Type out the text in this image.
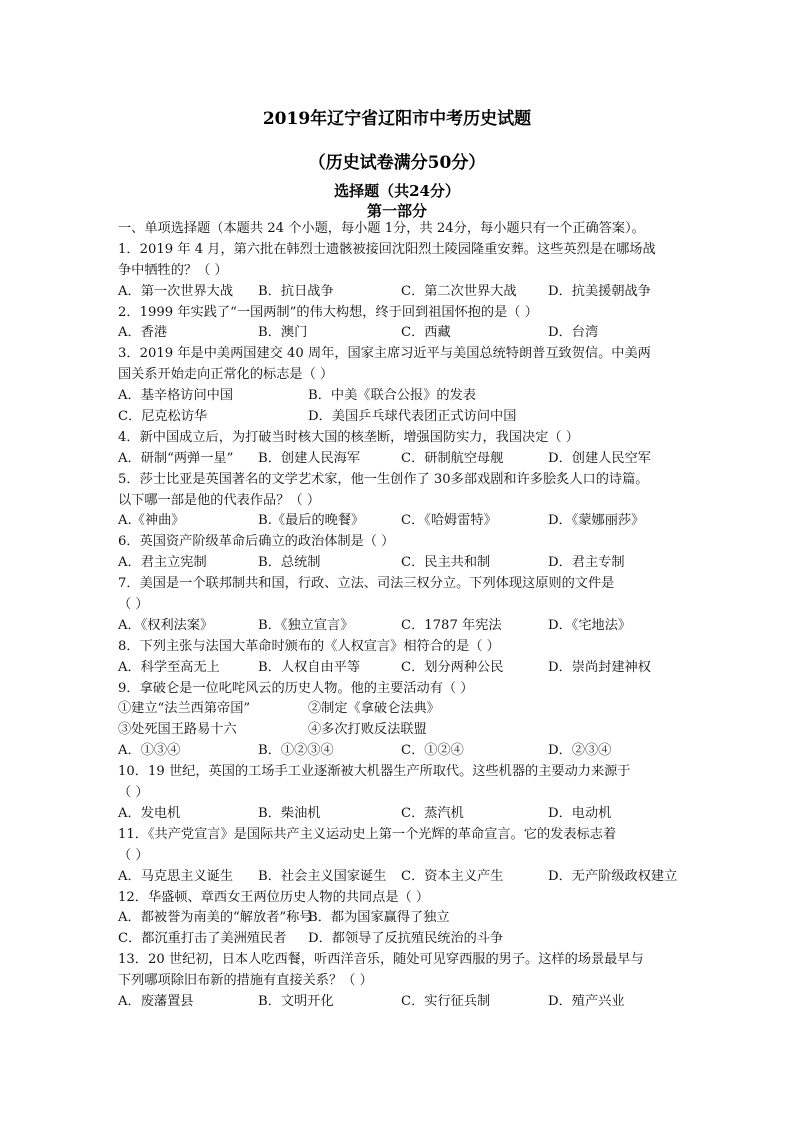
2019年辽宁省辽阳市中考历史试题
（历史试卷满分50分）
选择题（共24分）
第一部分
一、单项选择题（本题共 24 个小题，每小题 1分，共 24分，每小题只有一个正确答案）。
1．2019 年 4 月，第六批在韩烈士遗骸被接回沈阳烈土陵园隆重安葬。这些英烈是在哪场战
争中牺牲的？（ ）
A．第一次世界大战	B．抗日战争	C．第二次世界大战	D．抗美援朝战争
2．1999 年实践了“一国两制”的伟大构想，终于回到祖国怀抱的是（ ）
A．香港	B．澳门	C．西藏	D．台湾
3．2019 年是中美两国建交 40 周年，国家主席习近平与美国总统特朗普互致贺信。中美两
国关系开始走向正常化的标志是（ ）
A．基辛格访问中国	B．中美《联合公报》的发表
C．尼克松访华	D．美国乒乓球代表团正式访问中国
4．新中国成立后，为打破当时核大国的核垄断，增强国防实力，我国决定（ ）
A．研制“两弹一星”	B．创建人民海军	C．研制航空母舰	D．创建人民空军
5．莎士比亚是英国著名的文学艺术家，他一生创作了 30多部戏剧和许多脍炙人口的诗篇。
以下哪一部是他的代表作品？（ ）
A.《神曲》	B.《最后的晚餐》	C．《哈姆雷特》	D．《蒙娜丽莎》
6．英国资产阶级革命后确立的政治体制是（ ）
A．君主立宪制	B．总统制	C．民主共和制	D．君主专制
7．美国是一个联邦制共和国，行政、立法、司法三权分立。下列体现这原则的文件是
（ ）
A．《权利法案》	B．《独立宣言》	C．1787 年宪法	D．《宅地法》
8．下列主张与法国大革命时颁布的《人权宣言》相符合的是（ ）
A．科学至高无上	B．人权自由平等	C．划分两种公民	D．崇尚封建神权
9．拿破仑是一位叱咤风云的历史人物。他的主要活动有（ ）
①建立“法兰西第帝国”	②制定《拿破仑法典》
③处死国王路易十六	④多次打败反法联盟
A．①③④	B．①②③④	C．①②④	D．②③④
10．19 世纪，英国的工场手工业逐渐被大机器生产所取代。这些机器的主要动力来源于
（ ）
A．发电机	B．柴油机	C．蒸汽机	D．电动机
11．《共产党宣言》是国际共产主义运动史上第一个光辉的革命宣言。它的发表标志着
（ ）
A．马克思主义诞生	B．社会主义国家诞生	C．资本主义产生	D．无产阶级政权建立
12．华盛顿、章西女王两位历史人物的共同点是（ ）
A．都被誉为南美的“解放者”称号
B．都为国家赢得了独立
C．都沉重打击了美洲殖民者	D．都领导了反抗殖民统治的斗争
13．20 世纪初，日本人吃西餐，听西洋音乐，随处可见穿西服的男子。这样的场景最早与
下列哪项除旧布新的措施有直接关系？（ ）
A．废藩置县	B．文明开化	C．实行征兵制	D．殖产兴业
